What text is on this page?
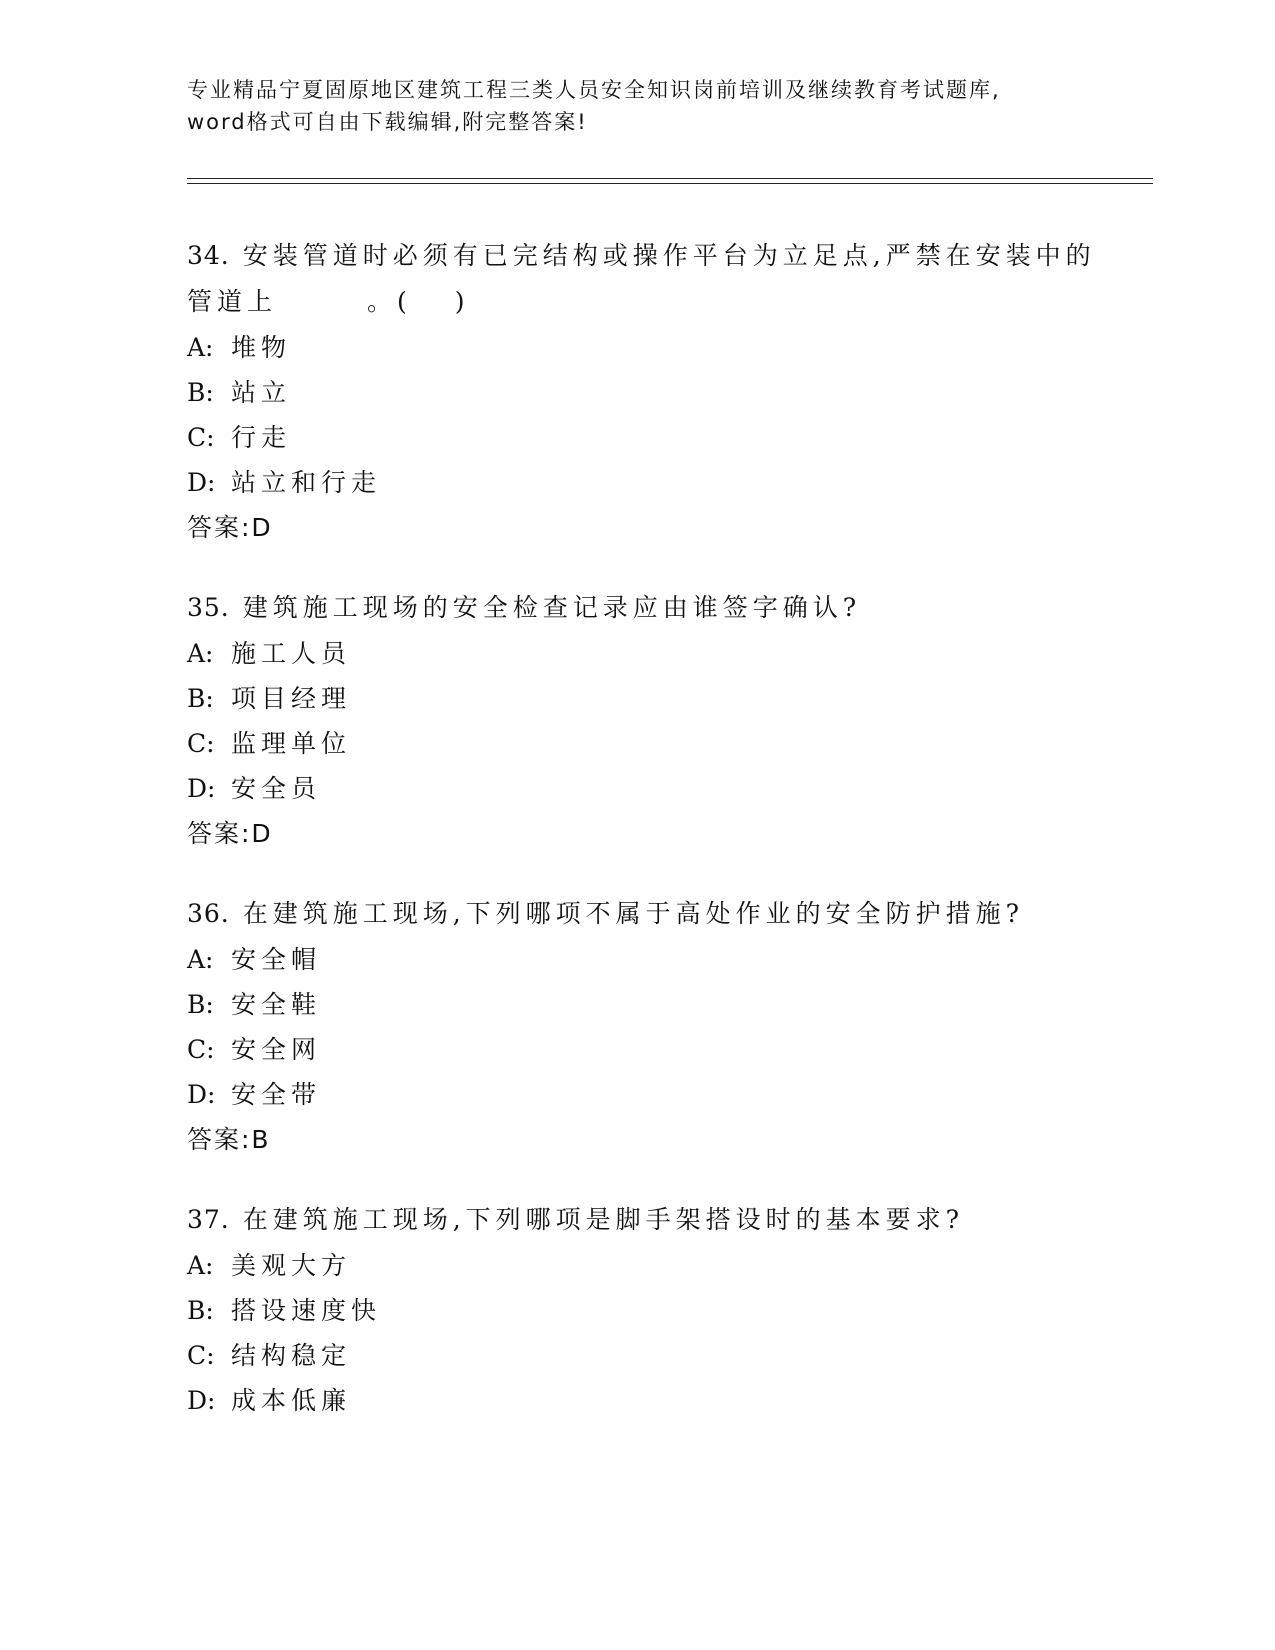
专业精品宁夏固原地区建筑工程三类人员安全知识岗前培训及继续教育考试题库,
word格式可自由下载编辑,附完整答案!
34. 安装管道时必须有已完结构或操作平台为立足点,严禁在安装中的
管道上　　　。(　 )
A: 堆物
B: 站立
C: 行走
D: 站立和行走
答案:D
35. 建筑施工现场的安全检查记录应由谁签字确认?
A: 施工人员
B: 项目经理
C: 监理单位
D: 安全员
答案:D
36. 在建筑施工现场,下列哪项不属于高处作业的安全防护措施?
A: 安全帽
B: 安全鞋
C: 安全网
D: 安全带
答案:B
37. 在建筑施工现场,下列哪项是脚手架搭设时的基本要求?
A: 美观大方
B: 搭设速度快
C: 结构稳定
D: 成本低廉
